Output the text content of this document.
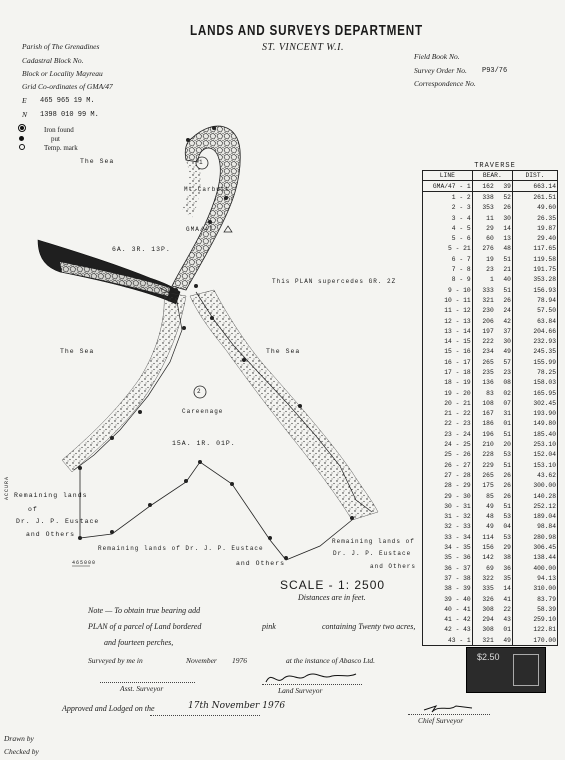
LANDS AND SURVEYS DEPARTMENT
ST. VINCENT W.I.
Parish of The Grenadines
Cadastral Block No.
Block or Locality Mayreau
Grid Co-ordinates of GMA/47
E 465 965 19 M.
N 1398 010 99 M.
Field Book No.
Survey Order No. P93/76
Correspondence No.
Iron found
put
Temp. mark
The Sea	1
Mt.Carbutt
GMA/47
6A. 3R. 13P.
This PLAN supercedes GR. 2Z
The Sea	The Sea
2
Careenage
15A. 1R. 01P.
Remaining lands
of
Dr. J. P. Eustace
and Others
Remaining lands of Dr. J. P. Eustace
and Others
Remaining lands of
Dr. J. P. Eustace
and Others
465000
ACCURA
TRAVERSE
LINE	BEAR.		DIST.
GMA/47 - 1	162	39	663.14
1 - 2	338	52	261.51
2 - 3	353	26	49.60
3 - 4	11	30	26.35
4 - 5	29	14	19.87
5 - 6	60	13	29.40
5 - 21	276	48	117.65
6 - 7	19	51	119.58
7 - 8	23	21	191.75
8 - 9	1	40	353.28
9 - 10	333	51	156.93
10 - 11	321	26	78.94
11 - 12	230	24	57.50
12 - 13	206	42	63.84
13 - 14	197	37	204.66
14 - 15	222	30	232.93
15 - 16	234	49	245.35
16 - 17	265	57	155.99
17 - 18	235	23	78.25
18 - 19	136	08	158.03
19 - 20	83	02	165.95
20 - 21	108	07	302.45
21 - 22	167	31	193.90
22 - 23	186	01	149.80
23 - 24	196	51	185.40
24 - 25	210	20	253.10
25 - 26	228	53	152.04
26 - 27	229	51	153.10
27 - 28	265	26	43.62
28 - 29	175	26	300.00
29 - 30	85	26	140.28
30 - 31	49	51	252.12
31 - 32	48	53	189.04
32 - 33	49	04	98.84
33 - 34	114	53	280.98
34 - 35	156	29	306.45
35 - 36	142	38	138.44
36 - 37	69	36	400.00
37 - 38	322	35	94.13
38 - 39	335	14	310.00
39 - 40	326	41	83.79
40 - 41	308	22	58.39
41 - 42	294	43	259.10
42 - 43	308	01	122.81
43 - 1	321	49	170.00
SCALE - 1: 2500
Distances are in feet.
Note — To obtain true bearing add
PLAN of a parcel of Land bordered	pink	containing Twenty two acres,
and fourteen perches,
Surveyed by me in	November 1976	at the instance of Abasco Ltd.
Asst. Surveyor	Land Surveyor
Approved and Lodged on the	17th November 1976
Chief Surveyor
Drawn by
Checked by
$2.50
